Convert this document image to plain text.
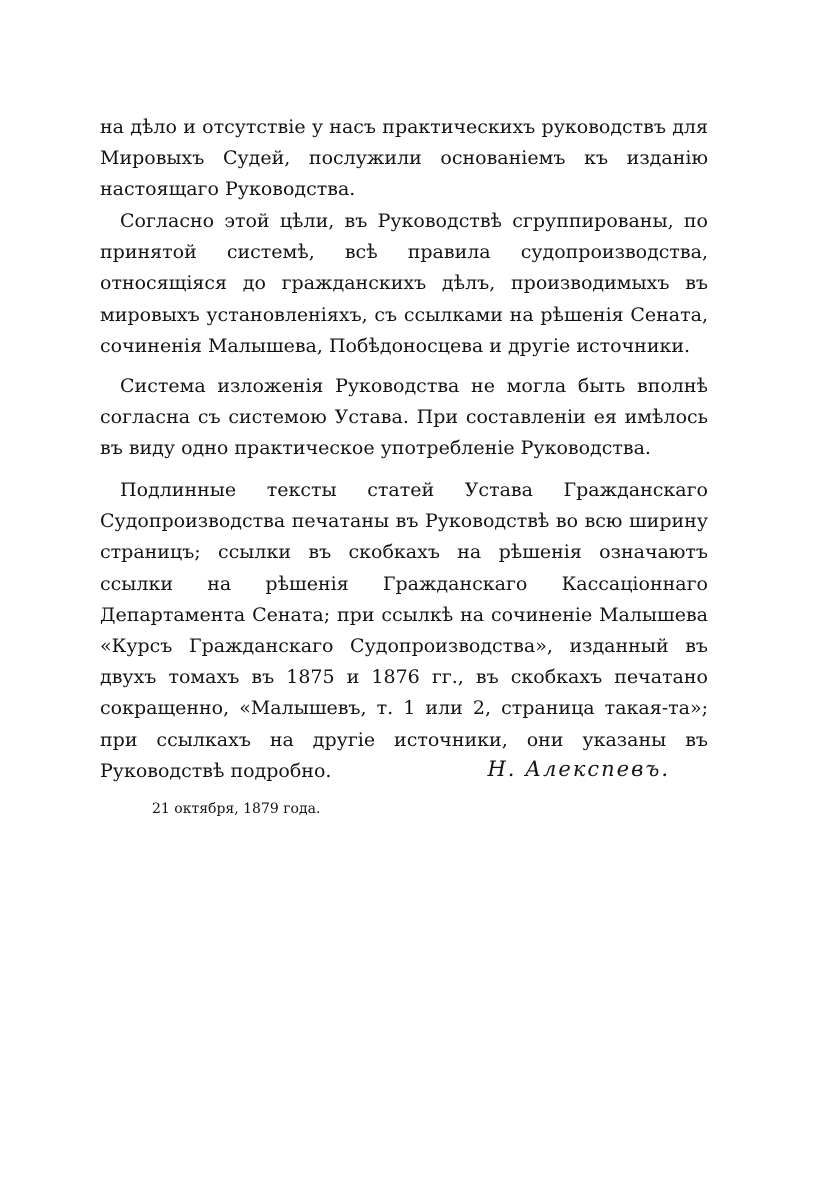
на дѣло и отсутствіе у насъ практическихъ руководствъ для Мировыхъ Судей, послужили основаніемъ къ изданію настоящаго Руководства.

Согласно этой цѣли, въ Руководствѣ сгруппированы, по принятой системѣ, всѣ правила судопроизводства, относящіяся до гражданскихъ дѣлъ, производимыхъ въ мировыхъ установленіяхъ, съ ссылками на рѣшенія Сената, сочиненія Малышева, Побѣдоносцева и другіе источники.

Система изложенія Руководства не могла быть вполнѣ согласна съ системою Устава. При составленіи ея имѣлось въ виду одно практическое употребленіе Руководства.

Подлинные тексты статей Устава Гражданскаго Судопроизводства печатаны въ Руководствѣ во всю ширину страницъ; ссылки въ скобкахъ на рѣшенія означаютъ ссылки на рѣшенія Гражданскаго Кассаціоннаго Департамента Сената; при ссылкѣ на сочиненіе Малышева «Курсъ Гражданскаго Судопроизводства», изданный въ двухъ томахъ въ 1875 и 1876 гг., въ скобкахъ печатано сокращенно, «Малышевъ, т. 1 или 2, страница такая-та»; при ссылкахъ на другіе источники, они указаны въ Руководствѣ подробно.	Н. Алекспевъ.
21 октября, 1879 года.
